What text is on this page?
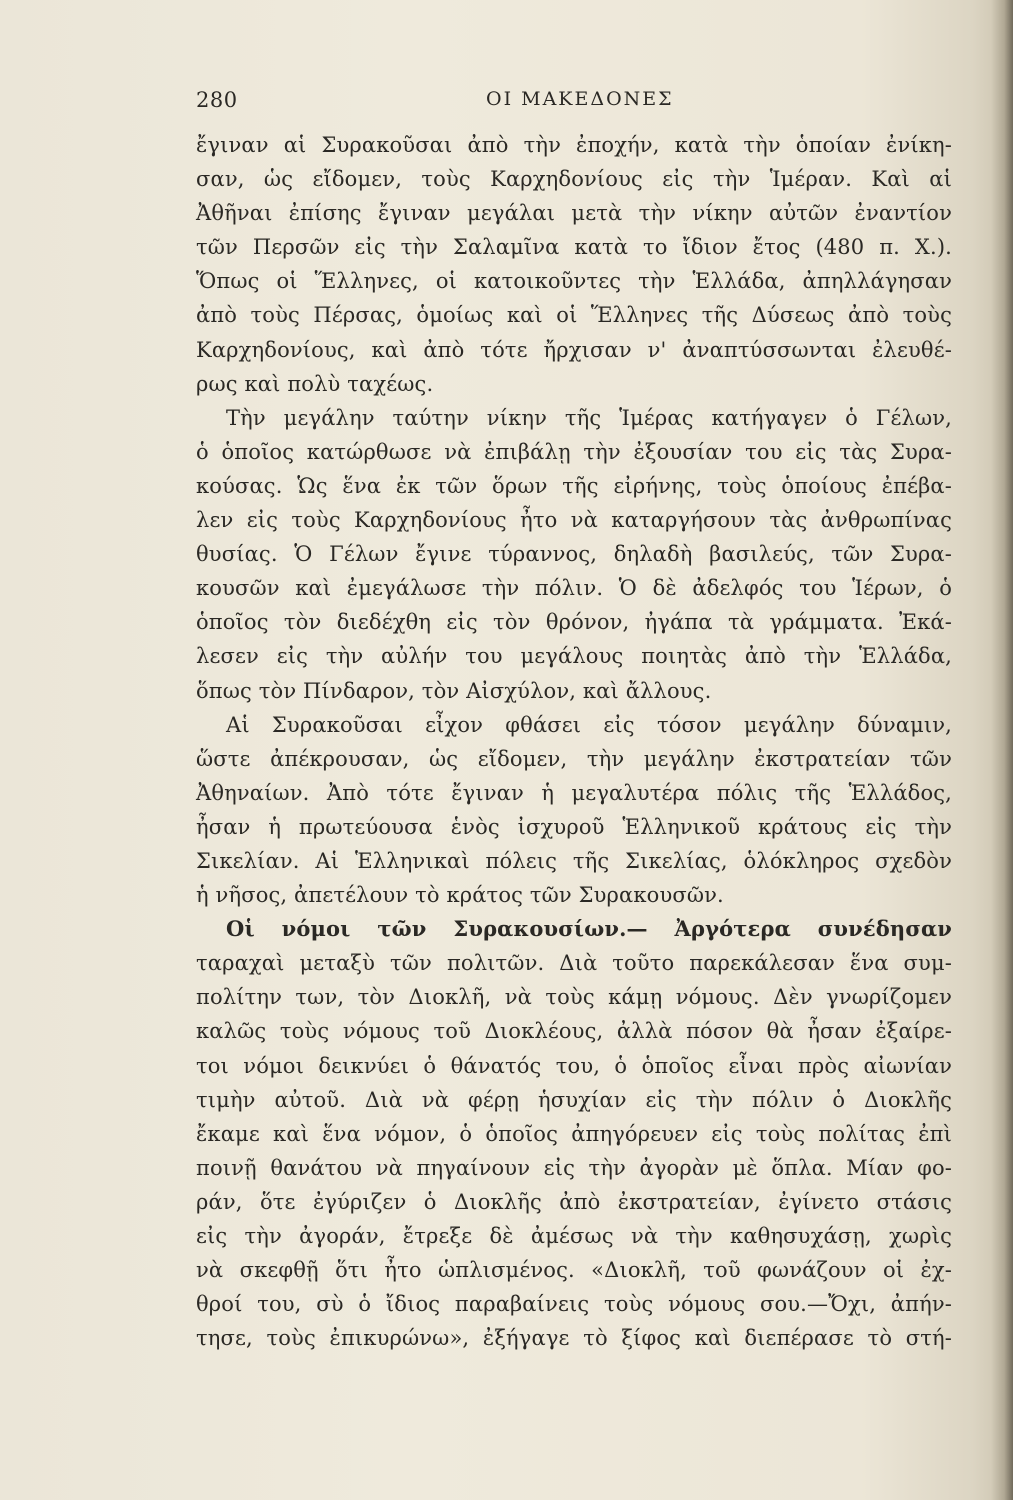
280	ΟΙ ΜΑΚΕΔΟΝΕΣ
ἔγιναν αἱ Συρακοῦσαι ἀπὸ τὴν ἐποχήν, κατὰ τὴν ὁποίαν ἐνίκη-
σαν, ὡς εἴδομεν, τοὺς Καρχηδονίους εἰς τὴν Ἱμέραν. Καὶ αἱ
Ἀθῆναι ἐπίσης ἔγιναν μεγάλαι μετὰ τὴν νίκην αὐτῶν ἐναντίον
τῶν Περσῶν εἰς τὴν Σαλαμῖνα κατὰ το ἴδιον ἔτος (480 π. Χ.).
Ὅπως οἱ Ἕλληνες, οἱ κατοικοῦντες τὴν Ἑλλάδα, ἀπηλλάγησαν
ἀπὸ τοὺς Πέρσας, ὁμοίως καὶ οἱ Ἕλληνες τῆς Δύσεως ἀπὸ τοὺς
Καρχηδονίους, καὶ ἀπὸ τότε ἤρχισαν ν' ἀναπτύσσωνται ἐλευθέ-
ρως καὶ πολὺ ταχέως.
Τὴν μεγάλην ταύτην νίκην τῆς Ἱμέρας κατήγαγεν ὁ Γέλων,
ὁ ὁποῖος κατώρθωσε νὰ ἐπιβάλῃ τὴν ἐξουσίαν του εἰς τὰς Συρα-
κούσας. Ὡς ἕνα ἐκ τῶν ὅρων τῆς εἰρήνης, τοὺς ὁποίους ἐπέβα-
λεν εἰς τοὺς Καρχηδονίους ἦτο νὰ καταργήσουν τὰς ἀνθρωπίνας
θυσίας. Ὁ Γέλων ἔγινε τύραννος, δηλαδὴ βασιλεύς, τῶν Συρα-
κουσῶν καὶ ἐμεγάλωσε τὴν πόλιν. Ὁ δὲ ἀδελφός του Ἱέρων, ὁ
ὁποῖος τὸν διεδέχθη εἰς τὸν θρόνον, ἠγάπα τὰ γράμματα. Ἐκά-
λεσεν εἰς τὴν αὐλήν του μεγάλους ποιητὰς ἀπὸ τὴν Ἑλλάδα,
ὅπως τὸν Πίνδαρον, τὸν Αἰσχύλον, καὶ ἄλλους.
Αἱ Συρακοῦσαι εἶχον φθάσει εἰς τόσον μεγάλην δύναμιν,
ὥστε ἀπέκρουσαν, ὡς εἴδομεν, τὴν μεγάλην ἐκστρατείαν τῶν
Ἀθηναίων. Ἀπὸ τότε ἔγιναν ἡ μεγαλυτέρα πόλις τῆς Ἑλλάδος,
ἦσαν ἡ πρωτεύουσα ἑνὸς ἰσχυροῦ Ἑλληνικοῦ κράτους εἰς τὴν
Σικελίαν. Αἱ Ἑλληνικαὶ πόλεις τῆς Σικελίας, ὁλόκληρος σχεδὸν
ἡ νῆσος, ἀπετέλουν τὸ κράτος τῶν Συρακουσῶν.
Οἱ νόμοι τῶν Συρακουσίων.— Ἀργότερα συνέδησαν
ταραχαὶ μεταξὺ τῶν πολιτῶν. Διὰ τοῦτο παρεκάλεσαν ἕνα συμ-
πολίτην των, τὸν Διοκλῆ, νὰ τοὺς κάμῃ νόμους. Δὲν γνωρίζομεν
καλῶς τοὺς νόμους τοῦ Διοκλέους, ἀλλὰ πόσον θὰ ἦσαν ἐξαίρε-
τοι νόμοι δεικνύει ὁ θάνατός του, ὁ ὁποῖος εἶναι πρὸς αἰωνίαν
τιμὴν αὐτοῦ. Διὰ νὰ φέρῃ ἡσυχίαν εἰς τὴν πόλιν ὁ Διοκλῆς
ἔκαμε καὶ ἕνα νόμον, ὁ ὁποῖος ἀπηγόρευεν εἰς τοὺς πολίτας ἐπὶ
ποινῇ θανάτου νὰ πηγαίνουν εἰς τὴν ἀγορὰν μὲ ὅπλα. Μίαν φο-
ράν, ὅτε ἐγύριζεν ὁ Διοκλῆς ἀπὸ ἐκστρατείαν, ἐγίνετο στάσις
εἰς τὴν ἀγοράν, ἔτρεξε δὲ ἀμέσως νὰ τὴν καθησυχάσῃ, χωρὶς
νὰ σκεφθῇ ὅτι ἦτο ὡπλισμένος. «Διοκλῆ, τοῦ φωνάζουν οἱ ἐχ-
θροί του, σὺ ὁ ἴδιος παραβαίνεις τοὺς νόμους σου.—Ὄχι, ἀπήν-
τησε, τοὺς ἐπικυρώνω», ἐξήγαγε τὸ ξίφος καὶ διεπέρασε τὸ στή-
